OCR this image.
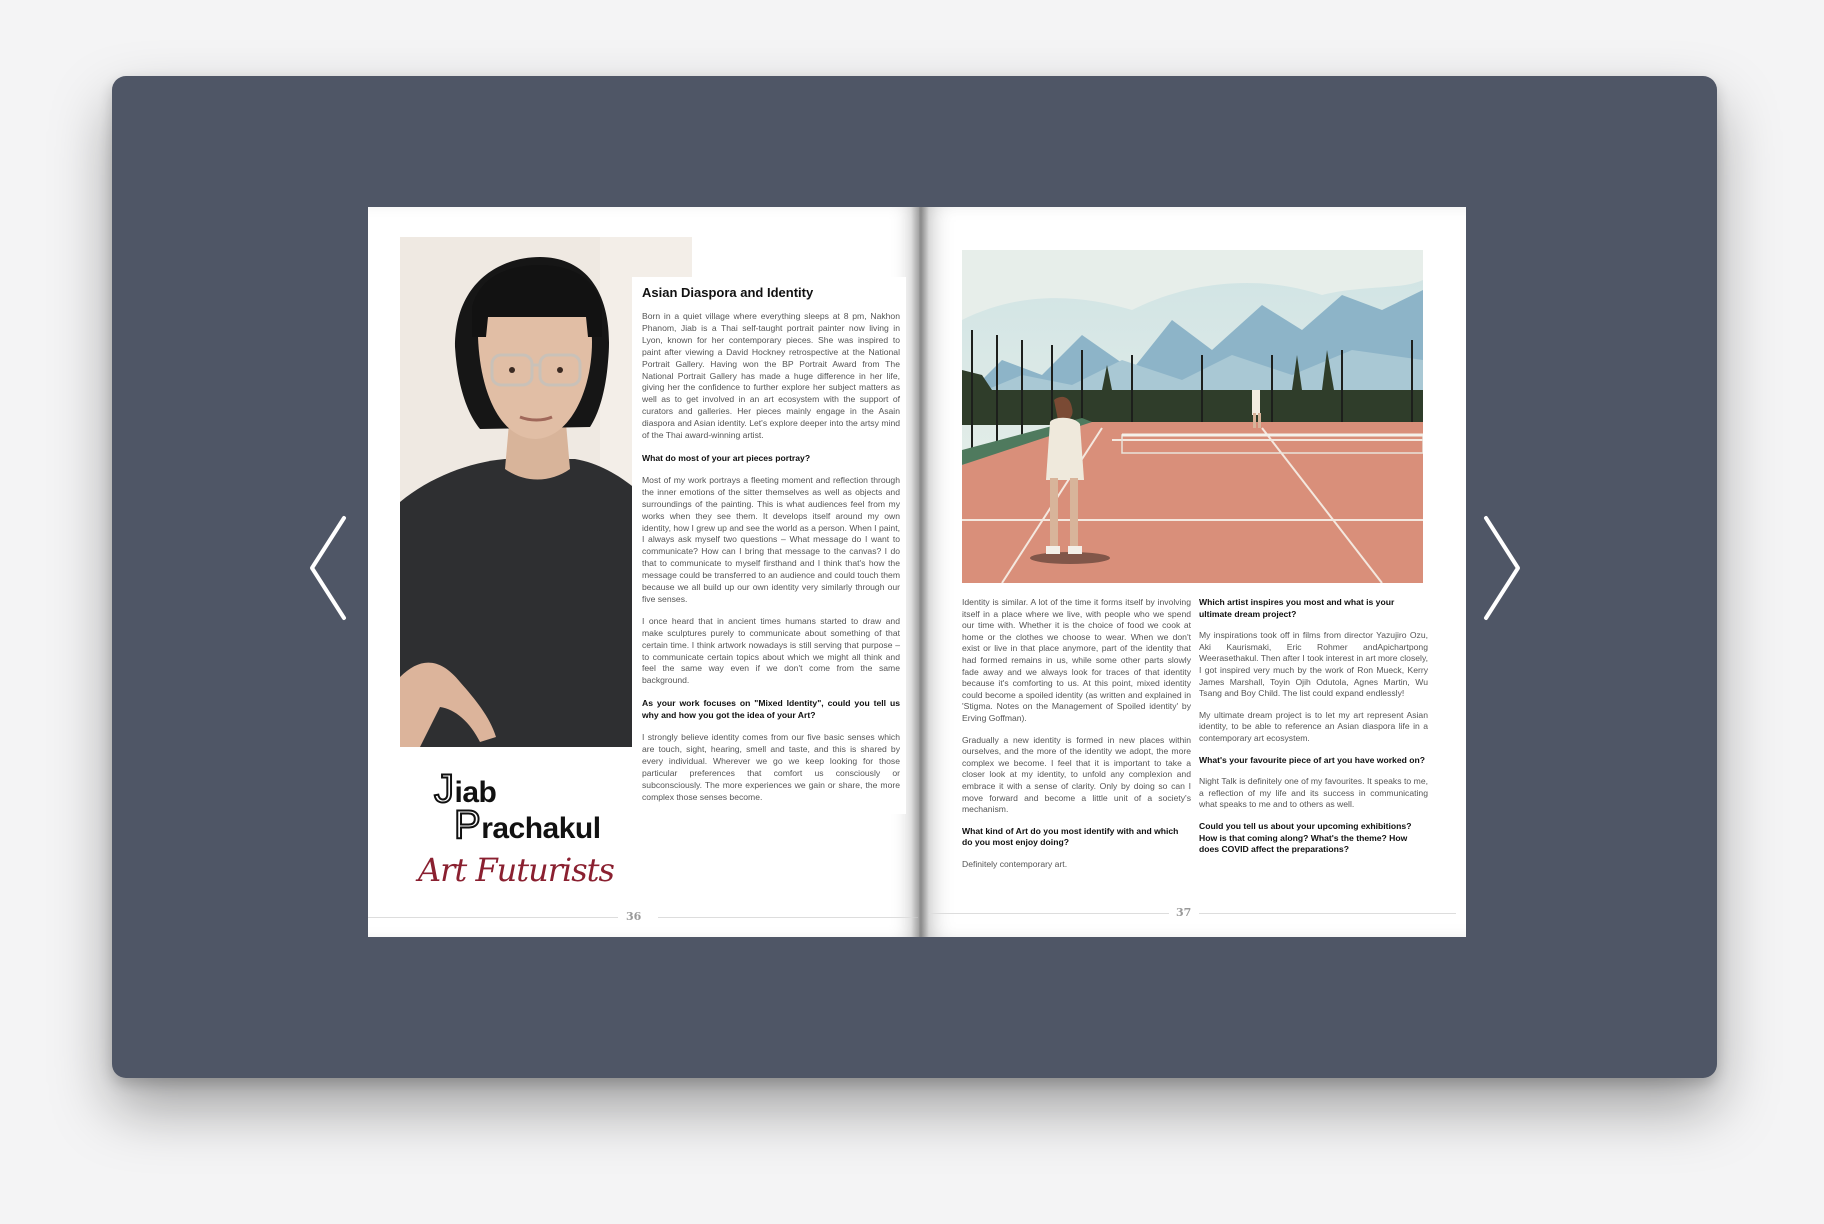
Asian Diaspora and Identity
Born in a quiet village where everything sleeps at 8 pm, Nakhon Phanom, Jiab is a Thai self-taught portrait painter now living in Lyon, known for her contemporary pieces. She was inspired to paint after viewing a David Hockney retrospective at the National Portrait Gallery. Having won the BP Portrait Award from The National Portrait Gallery has made a huge difference in her life, giving her the confidence to further explore her subject matters as well as to get involved in an art ecosystem with the support of curators and galleries. Her pieces mainly engage in the Asain diaspora and Asian identity. Let's explore deeper into the artsy mind of the Thai award-winning artist.
What do most of your art pieces portray?
Most of my work portrays a fleeting moment and reflection through the inner emotions of the sitter themselves as well as objects and surroundings of the painting. This is what audiences feel from my works when they see them. It develops itself around my own identity, how I grew up and see the world as a person. When I paint, I always ask myself two questions – What message do I want to communicate? How can I bring that message to the canvas? I do that to communicate to myself firsthand and I think that's how the message could be transferred to an audience and could touch them because we all build up our own identity very similarly through our five senses.
I once heard that in ancient times humans started to draw and make sculptures purely to communicate about something of that certain time. I think artwork nowadays is still serving that purpose – to communicate certain topics about which we might all think and feel the same way even if we don't come from the same background.
As your work focuses on "Mixed Identity", could you tell us why and how you got the idea of your Art?
I strongly believe identity comes from our five basic senses which are touch, sight, hearing, smell and taste, and this is shared by every individual. Wherever we go we keep looking for those particular preferences that comfort us consciously or subconsciously. The more experiences we gain or share, the more complex those senses become.
Jiab
Prachakul
Art Futurists
36
Identity is similar. A lot of the time it forms itself by involving itself in a place where we live, with people who we spend our time with. Whether it is the choice of food we cook at home or the clothes we choose to wear. When we don't exist or live in that place anymore, part of the identity that had formed remains in us, while some other parts slowly fade away and we always look for traces of that identity because it's comforting to us. At this point, mixed identity could become a spoiled identity (as written and explained in 'Stigma. Notes on the Management of Spoiled identity' by Erving Goffman).
Gradually a new identity is formed in new places within ourselves, and the more of the identity we adopt, the more complex we become. I feel that it is important to take a closer look at my identity, to unfold any complexion and embrace it with a sense of clarity. Only by doing so can I move forward and become a little unit of a society's mechanism.
What kind of Art do you most identify with and which do you most enjoy doing?
Definitely contemporary art.
Which artist inspires you most and what is your ultimate dream project?
My inspirations took off in films from director Yazujiro Ozu, Aki Kaurismaki, Eric Rohmer andApichartpong Weerasethakul. Then after I took interest in art more closely, I got inspired very much by the work of Ron Mueck, Kerry James Marshall, Toyin Ojih Odutola, Agnes Martin, Wu Tsang and Boy Child. The list could expand endlessly!
My ultimate dream project is to let my art represent Asian identity, to be able to reference an Asian diaspora life in a contemporary art ecosystem.
What's your favourite piece of art you have worked on?
Night Talk is definitely one of my favourites. It speaks to me, a reflection of my life and its success in communicating what speaks to me and to others as well.
Could you tell us about your upcoming exhibitions? How is that coming along? What's the theme? How does COVID affect the preparations?
37
